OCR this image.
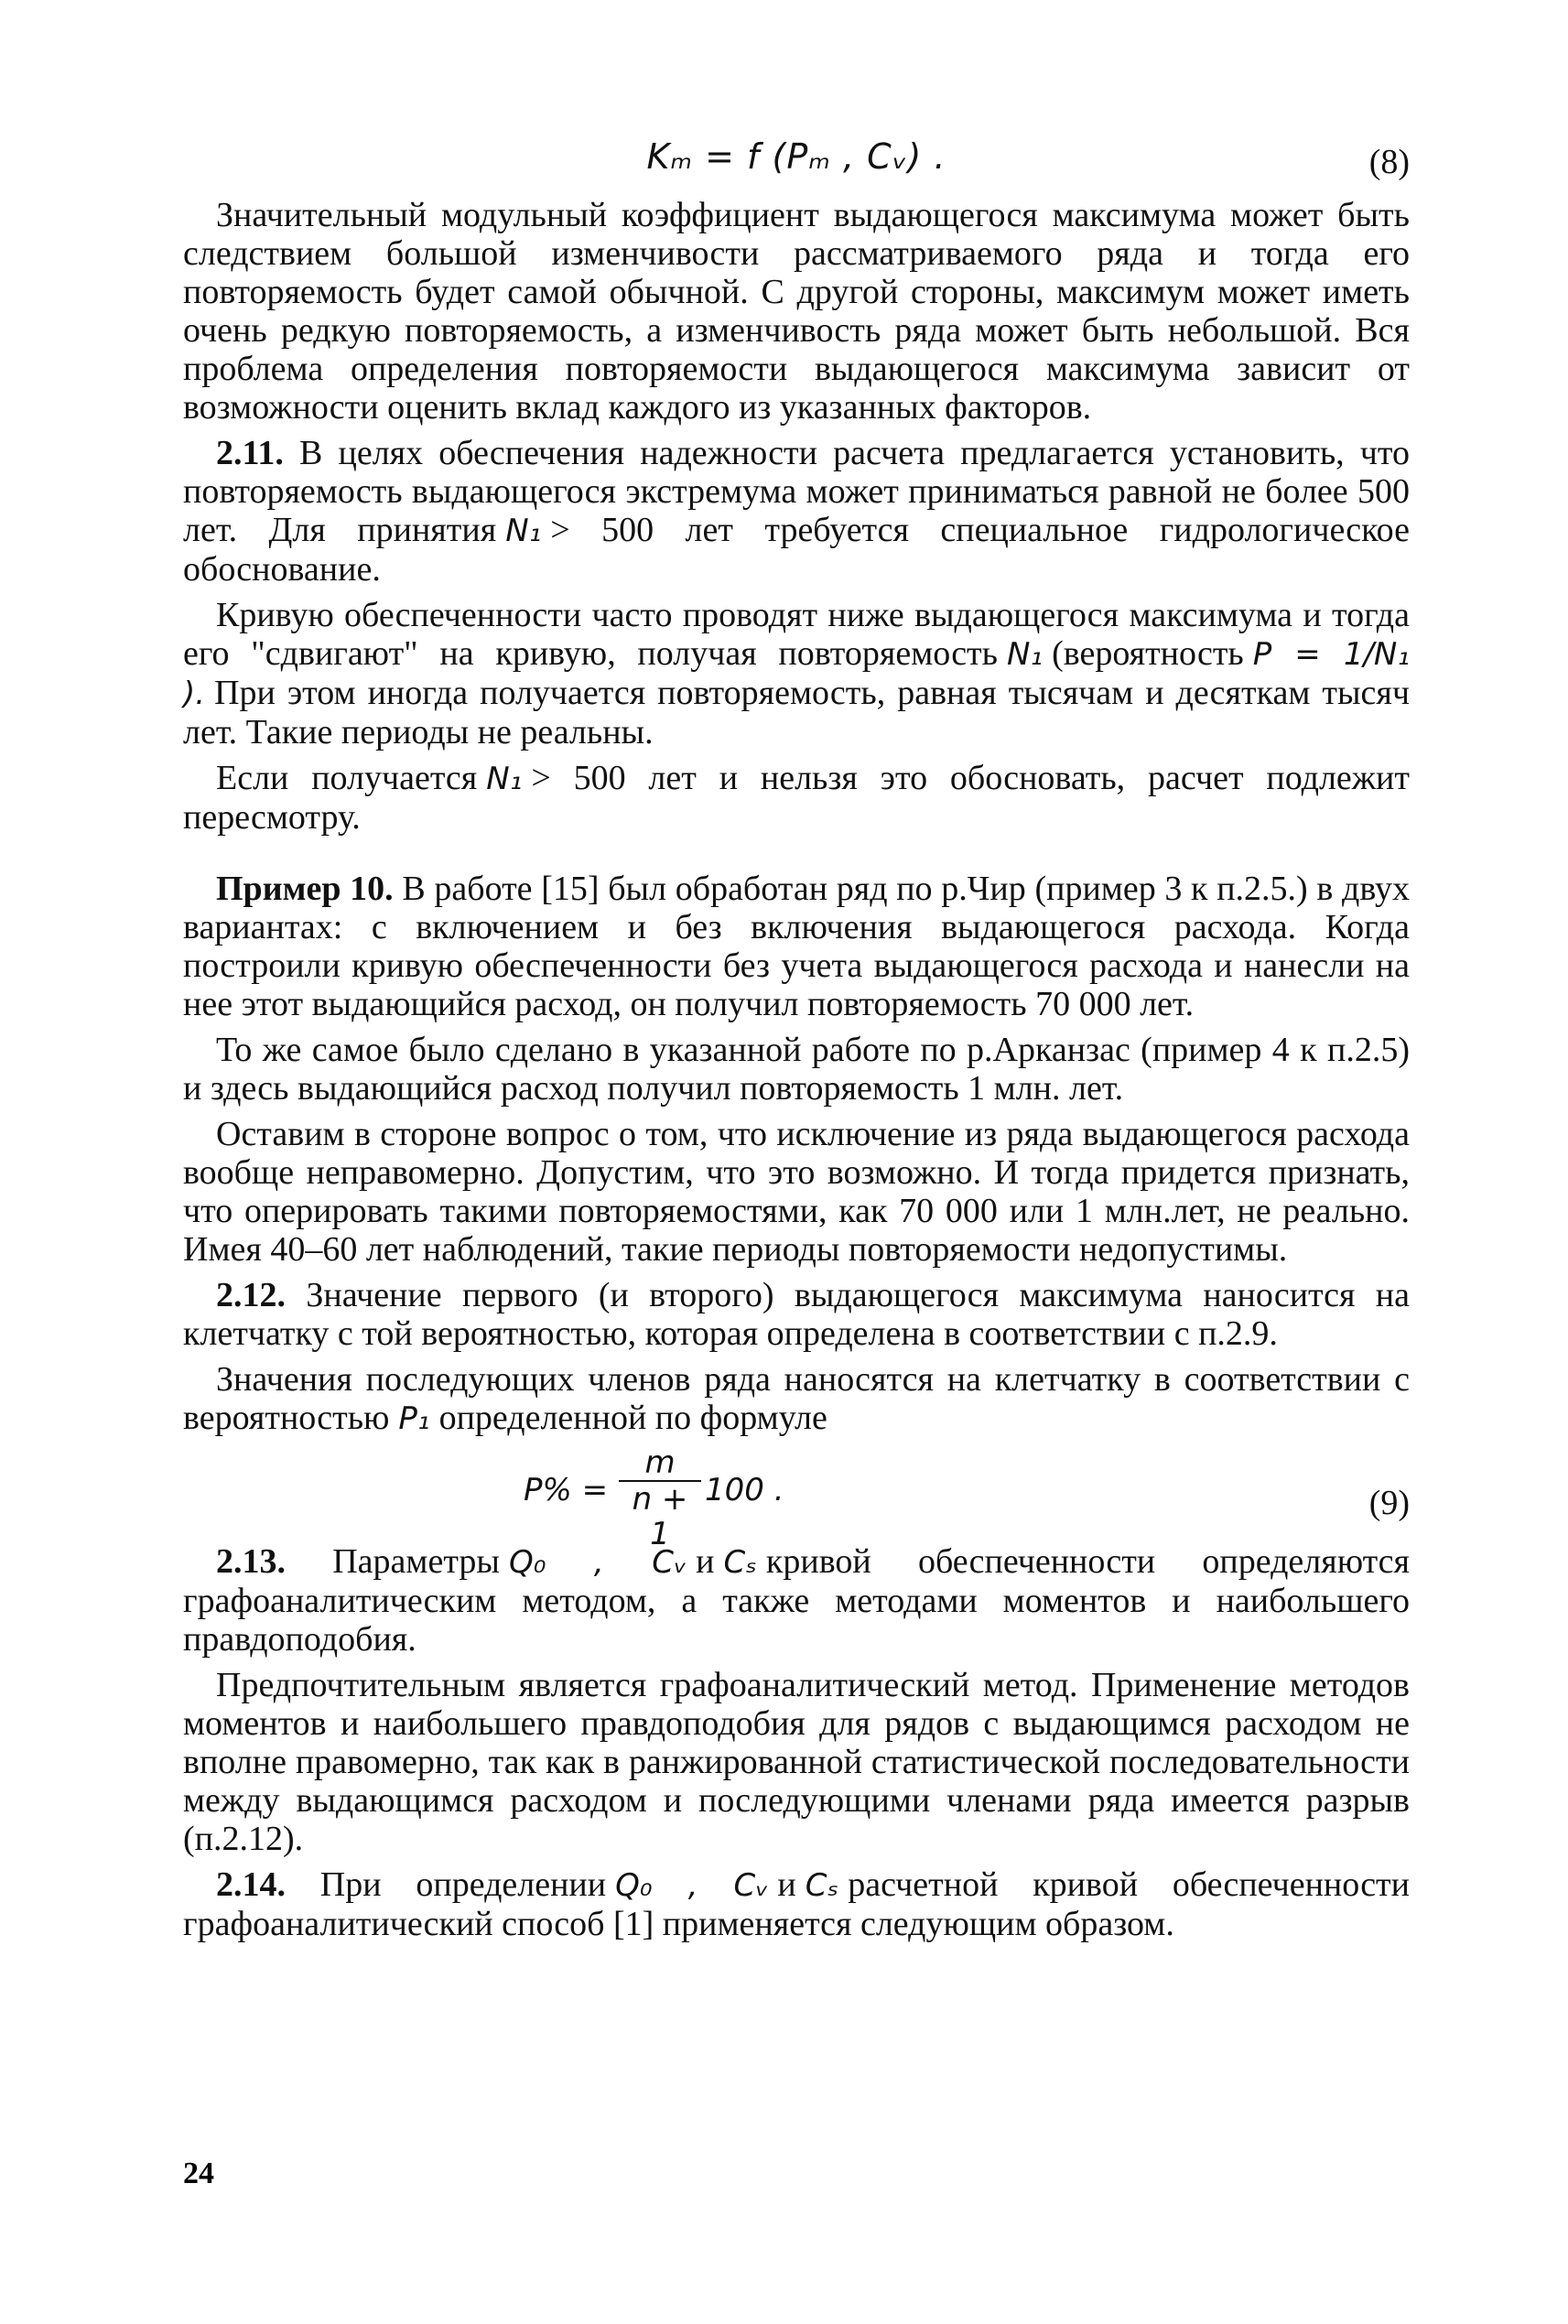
Kₘ = f (Pₘ , Cᵥ) .	(8)

Значительный модульный коэффициент выдающегося максимума может быть следствием большой изменчивости рассматриваемого ряда и тогда его повторяемость будет самой обычной. С другой стороны, максимум может иметь очень редкую повторяемость, а изменчивость ряда может быть небольшой. Вся проблема определения повторяемости выдающегося максимума зависит от возможности оценить вклад каждого из указанных факторов.

2.11. В целях обеспечения надежности расчета предлагается установить, что повторяемость выдающегося экстремума может приниматься равной не более 500 лет. Для принятия N₁ > 500 лет требуется специальное гидрологическое обоснование.

Кривую обеспеченности часто проводят ниже выдающегося максимума и тогда его "сдвигают" на кривую, получая повторяемость N₁ (вероятность P = 1/N₁ ). При этом иногда получается повторяемость, равная тысячам и десяткам тысяч лет. Такие периоды не реальны.

Если получается N₁ > 500 лет и нельзя это обосновать, расчет подлежит пересмотру.

Пример 10. В работе [15] был обработан ряд по р.Чир (пример 3 к п.2.5.) в двух вариантах: с включением и без включения выдающегося расхода. Когда построили кривую обеспеченности без учета выдающегося расхода и нанесли на нее этот выдающийся расход, он получил повторяемость 70 000 лет.

То же самое было сделано в указанной работе по р.Арканзас (пример 4 к п.2.5) и здесь выдающийся расход получил повторяемость 1 млн. лет.

Оставим в стороне вопрос о том, что исключение из ряда выдающегося расхода вообще неправомерно. Допустим, что это возможно. И тогда придется признать, что оперировать такими повторяемостями, как 70 000 или 1 млн.лет, не реально. Имея 40–60 лет наблюдений, такие периоды повторяемости недопустимы.

2.12. Значение первого (и второго) выдающегося максимума наносится на клетчатку с той вероятностью, которая определена в соответствии с п.2.9.

Значения последующих членов ряда наносятся на клетчатку в соответствии с вероятностью P₁ определенной по формуле

P% =
m
n + 1
100 .	(9)

2.13. Параметры Q₀ , Cᵥ и Cₛ кривой обеспеченности определяются графоаналитическим методом, а также методами моментов и наибольшего правдоподобия.

Предпочтительным является графоаналитический метод. Применение методов моментов и наибольшего правдоподобия для рядов с выдающимся расходом не вполне правомерно, так как в ранжированной статистической последовательности между выдающимся расходом и последующими членами ряда имеется разрыв (п.2.12).

2.14. При определении Q₀ , Cᵥ и Cₛ расчетной кривой обеспеченности графоаналитический способ [1] применяется следующим образом.

24
